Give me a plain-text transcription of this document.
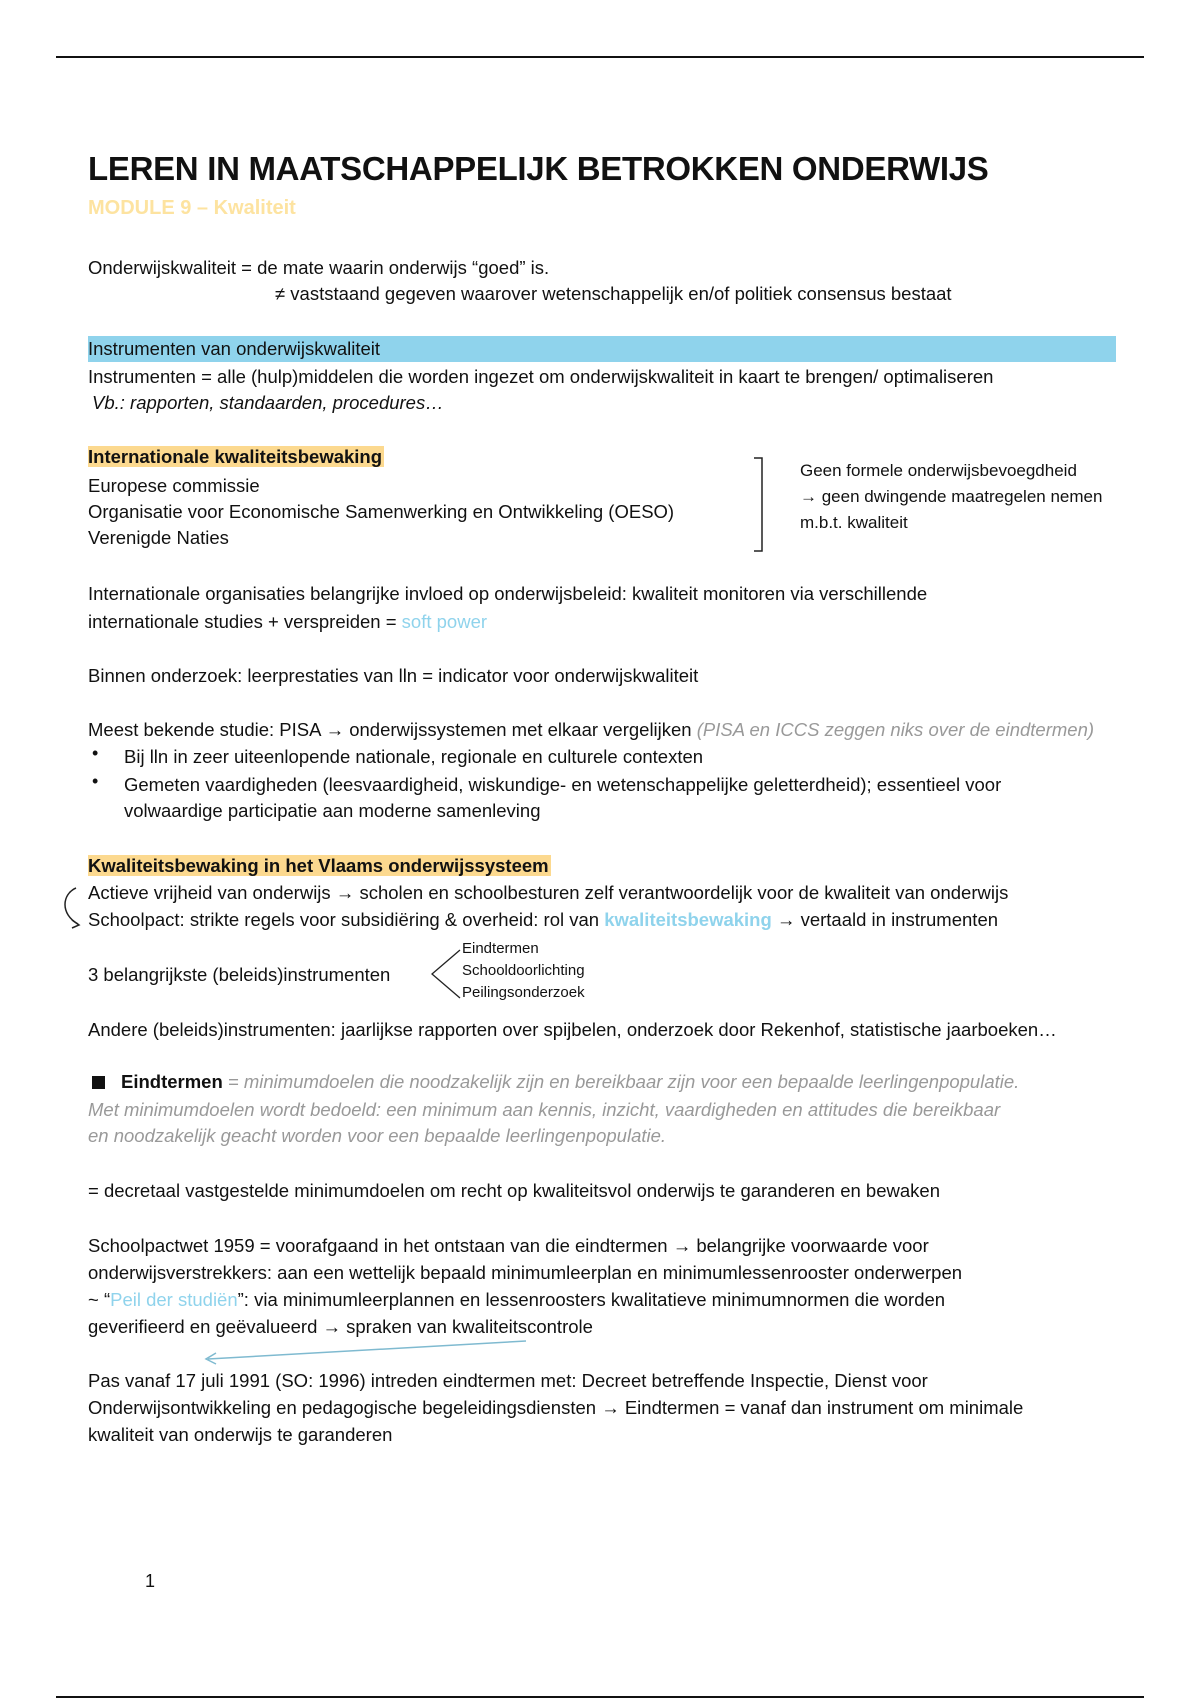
LEREN IN MAATSCHAPPELIJK BETROKKEN ONDERWIJS
MODULE 9 – Kwaliteit
Onderwijskwaliteit = de mate waarin onderwijs “goed” is.
≠ vaststaand gegeven waarover wetenschappelijk en/of politiek consensus bestaat
Instrumenten van onderwijskwaliteit
Instrumenten = alle (hulp)middelen die worden ingezet om onderwijskwaliteit in kaart te brengen/ optimaliseren
Vb.: rapporten, standaarden, procedures…
Internationale kwaliteitsbewaking
Europese commissie
Organisatie voor Economische Samenwerking en Ontwikkeling (OESO)
Verenigde Naties
Geen formele onderwijsbevoegdheid
→ geen dwingende maatregelen nemen
m.b.t. kwaliteit
Internationale organisaties belangrijke invloed op onderwijsbeleid: kwaliteit monitoren via verschillende
internationale studies + verspreiden = soft power
Binnen onderzoek: leerprestaties van lln = indicator voor onderwijskwaliteit
Meest bekende studie: PISA → onderwijssystemen met elkaar vergelijken (PISA en ICCS zeggen niks over de eindtermen)
• Bij lln in zeer uiteenlopende nationale, regionale en culturele contexten
• Gemeten vaardigheden (leesvaardigheid, wiskundige- en wetenschappelijke geletterdheid); essentieel voor
volwaardige participatie aan moderne samenleving
Kwaliteitsbewaking in het Vlaams onderwijssysteem
Actieve vrijheid van onderwijs → scholen en schoolbesturen zelf verantwoordelijk voor de kwaliteit van onderwijs
Schoolpact: strikte regels voor subsidiëring & overheid: rol van kwaliteitsbewaking → vertaald in instrumenten
3 belangrijkste (beleids)instrumenten
Eindtermen
Schooldoorlichting
Peilingsonderzoek
Andere (beleids)instrumenten: jaarlijkse rapporten over spijbelen, onderzoek door Rekenhof, statistische jaarboeken…
Eindtermen = minimumdoelen die noodzakelijk zijn en bereikbaar zijn voor een bepaalde leerlingenpopulatie.
Met minimumdoelen wordt bedoeld: een minimum aan kennis, inzicht, vaardigheden en attitudes die bereikbaar
en noodzakelijk geacht worden voor een bepaalde leerlingenpopulatie.
= decretaal vastgestelde minimumdoelen om recht op kwaliteitsvol onderwijs te garanderen en bewaken
Schoolpactwet 1959 = voorafgaand in het ontstaan van die eindtermen → belangrijke voorwaarde voor
onderwijsverstrekkers: aan een wettelijk bepaald minimumleerplan en minimumlessenrooster onderwerpen
~ “Peil der studiën”: via minimumleerplannen en lessenroosters kwalitatieve minimumnormen die worden
geverifieerd en geëvalueerd → spraken van kwaliteitscontrole
Pas vanaf 17 juli 1991 (SO: 1996) intreden eindtermen met: Decreet betreffende Inspectie, Dienst voor
Onderwijsontwikkeling en pedagogische begeleidingsdiensten → Eindtermen = vanaf dan instrument om minimale
kwaliteit van onderwijs te garanderen
1
